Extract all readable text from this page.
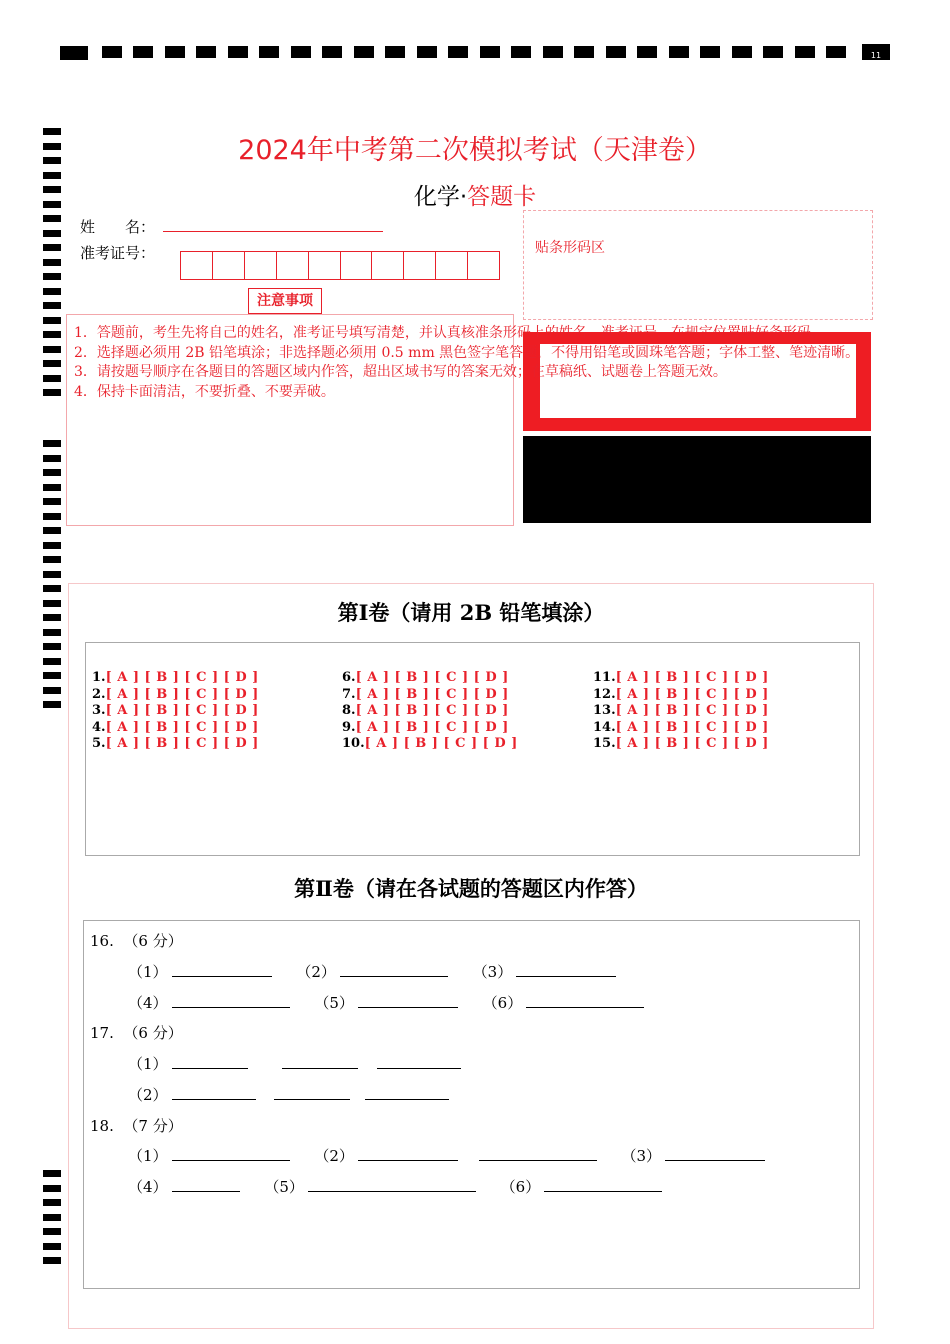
11
2024年中考第二次模拟考试（天津卷）
化学·答题卡
姓　　名：
准考证号：
注意事项
贴条形码区
1．答题前，考生先将自己的姓名，准考证号填写清楚，并认真核准条形码上的姓名、准考证号，在规定位置贴好条形码。
2．选择题必须用 2B 铅笔填涂；非选择题必须用 0.5 mm 黑色签字笔答题，不得用铅笔或圆珠笔答题；字体工整、笔迹清晰。
3．请按题号顺序在各题目的答题区域内作答，超出区域书写的答案无效；在草稿纸、试题卷上答题无效。
4．保持卡面清洁，不要折叠、不要弄破。
第Ⅰ卷（请用 2B 铅笔填涂）
1.[ A ] [ B ] [ C ] [ D ]
2.[ A ] [ B ] [ C ] [ D ]
3.[ A ] [ B ] [ C ] [ D ]
4.[ A ] [ B ] [ C ] [ D ]
5.[ A ] [ B ] [ C ] [ D ]
6.[ A ] [ B ] [ C ] [ D ]
7.[ A ] [ B ] [ C ] [ D ]
8.[ A ] [ B ] [ C ] [ D ]
9.[ A ] [ B ] [ C ] [ D ]
10.[ A ] [ B ] [ C ] [ D ]
11.[ A ] [ B ] [ C ] [ D ]
12.[ A ] [ B ] [ C ] [ D ]
13.[ A ] [ B ] [ C ] [ D ]
14.[ A ] [ B ] [ C ] [ D ]
15.[ A ] [ B ] [ C ] [ D ]
第Ⅱ卷（请在各试题的答题区内作答）
16. （6 分）
（1）	（2）	（3）
（4）	（5）	（6）
17. （6 分）
（1）
（2）
18. （7 分）
（1）	（2）	（3）
（4）	（5）	（6）
